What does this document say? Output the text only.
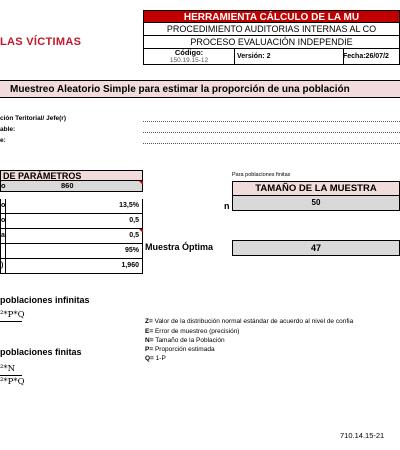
LAS VÍCTIMAS
HERRAMIENTA CÁLCULO DE LA MU
PROCEDIMIENTO AUDITORIAS INTERNAS AL CO
PROCESO EVALUACIÓN INDEPENDIE
Código:
150.19.15-12
Versión: 2	Fecha:26/07/2
Muestreo Aleatorio Simple para estimar la proporción de una población
ción Teritorial/ Jefe(r)
able:
e:
DE PARÁMETROS
o	860
o	13,5%
o	0,5
a	0,5
95%
)	1,960
Para poblaciones finitas
TAMAÑO DE LA MUESTRA
n	50
Muestra Óptima	47
poblaciones infinitas
²*P*Q
poblaciones finitas
²*N
²*P*Q
Z= Valor de la distribución normal estándar de acuerdo al nivel de confia
E= Error de muestreo (precisión)
N= Tamaño de la Población
P= Proporción estimada
Q= 1-P
710.14.15-21
